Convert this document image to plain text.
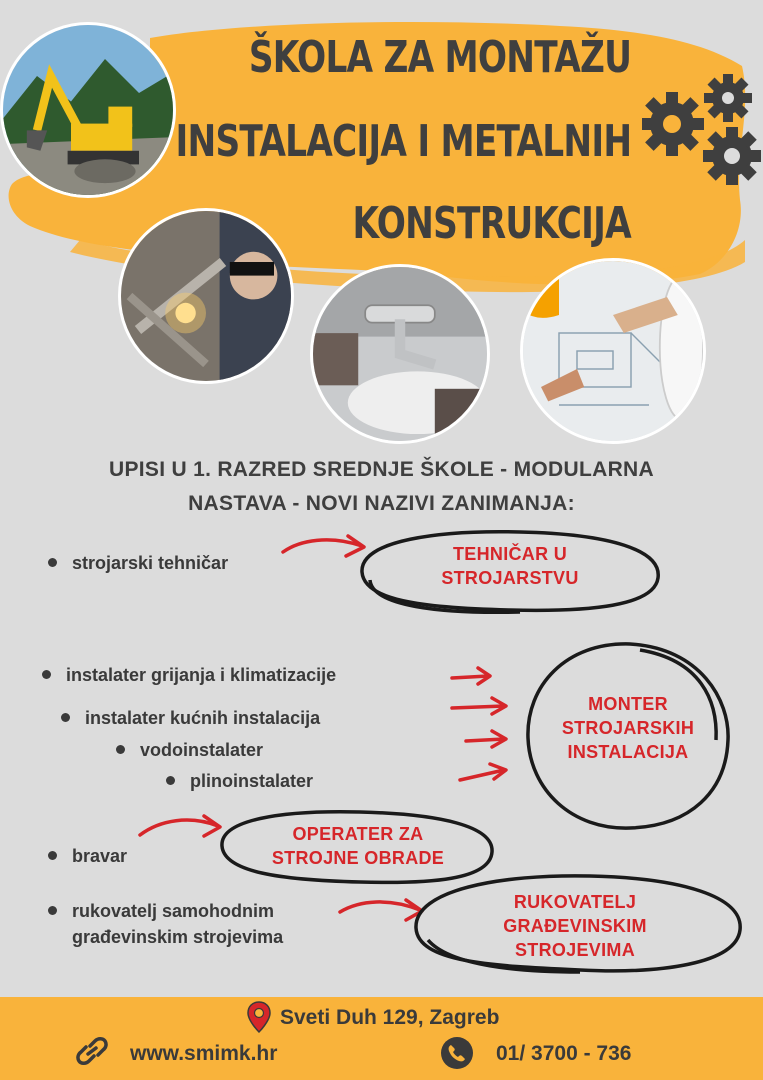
ŠKOLA ZA MONTAŽU
INSTALACIJA I METALNIH
KONSTRUKCIJA
UPISI U 1. RAZRED SREDNJE ŠKOLE - MODULARNA
NASTAVA - NOVI NAZIVI ZANIMANJA:
strojarski tehničar
instalater grijanja i klimatizacije
instalater kućnih instalacija
vodoinstalater
plinoinstalater
bravar
rukovatelj samohodnim
građevinskim strojevima
TEHNIČAR U
STROJARSTVU
MONTER
STROJARSKIH
INSTALACIJA
OPERATER ZA
STROJNE OBRADE
RUKOVATELJ
GRAĐEVINSKIM
STROJEVIMA
Sveti Duh 129, Zagreb
www.smimk.hr	01/ 3700 - 736
